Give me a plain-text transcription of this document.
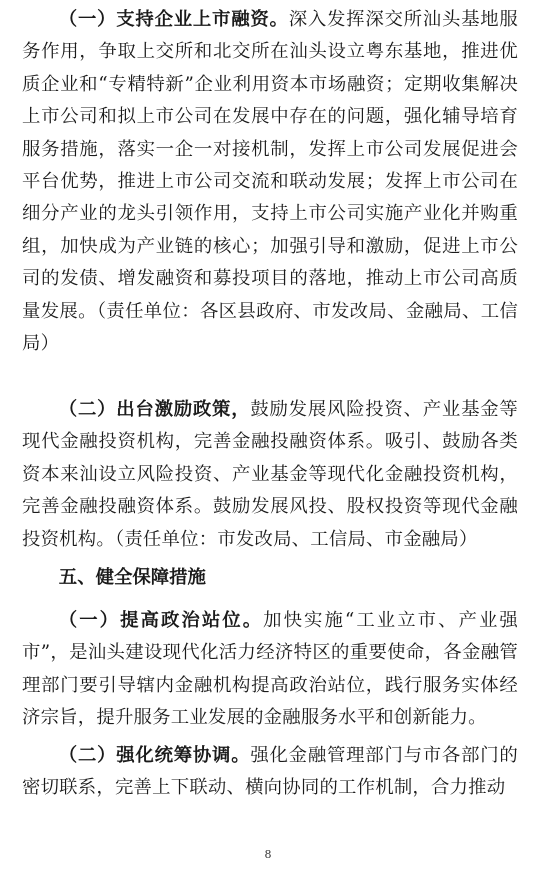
（一）支持企业上市融资。深入发挥深交所汕头基地服务作用，争取上交所和北交所在汕头设立粤东基地，推进优质企业和“专精特新”企业利用资本市场融资；定期收集解决上市公司和拟上市公司在发展中存在的问题，强化辅导培育服务措施，落实一企一对接机制，发挥上市公司发展促进会平台优势，推进上市公司交流和联动发展；发挥上市公司在细分产业的龙头引领作用，支持上市公司实施产业化并购重组，加快成为产业链的核心；加强引导和激励，促进上市公司的发债、增发融资和募投项目的落地，推动上市公司高质量发展。（责任单位：各区县政府、市发改局、金融局、工信局）

（二）出台激励政策，鼓励发展风险投资、产业基金等现代金融投资机构，完善金融投融资体系。吸引、鼓励各类资本来汕设立风险投资、产业基金等现代化金融投资机构，完善金融投融资体系。鼓励发展风投、股权投资等现代金融投资机构。（责任单位：市发改局、工信局、市金融局）

五、健全保障措施

（一）提高政治站位。加快实施“工业立市、产业强市”，是汕头建设现代化活力经济特区的重要使命，各金融管理部门要引导辖内金融机构提高政治站位，践行服务实体经济宗旨，提升服务工业发展的金融服务水平和创新能力。

（二）强化统筹协调。强化金融管理部门与市各部门的密切联系，完善上下联动、横向协同的工作机制，合力推动

8
